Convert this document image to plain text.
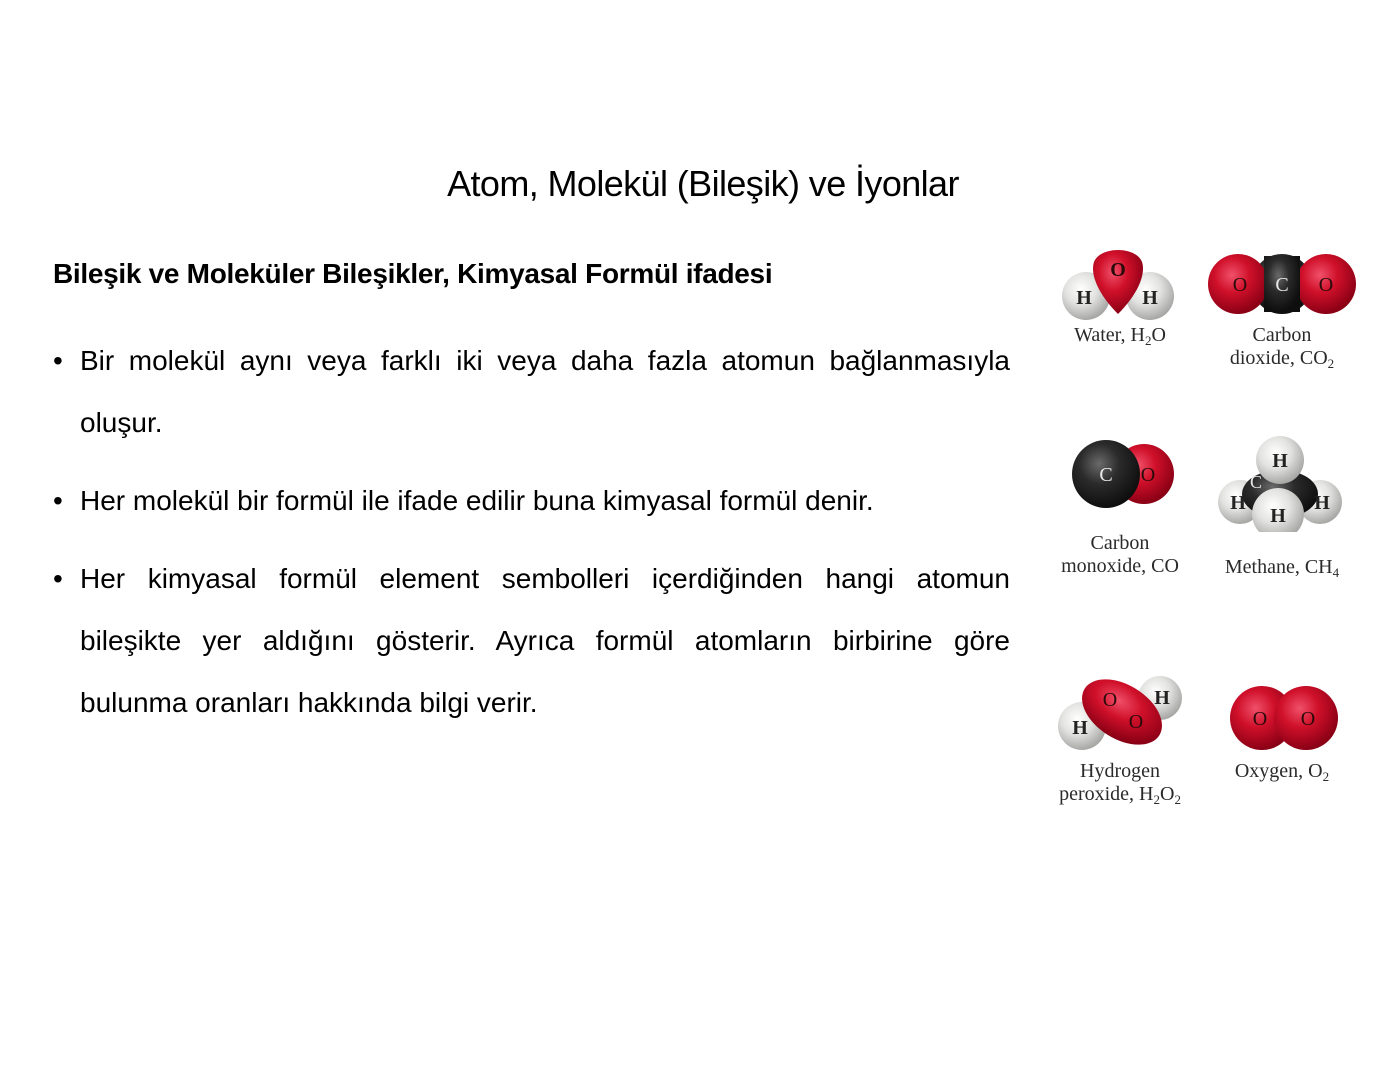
Atom, Molekül (Bileşik) ve İyonlar
Bileşik ve Moleküler Bileşikler, Kimyasal Formül ifadesi
• Bir molekül aynı veya farklı iki veya daha fazla atomun bağlanmasıyla oluşur.
• Her molekül bir formül ile ifade edilir buna kimyasal formül denir.
• Her kimyasal formül element sembolleri içerdiğinden hangi atomun bileşikte yer aldığını gösterir. Ayrıca formül atomların birbirine göre bulunma oranları hakkında bilgi verir.
O
H	H
Water, $H_2O$
O C O
Carbon
dioxide, $CO_2$
C O
Carbon
monoxide, CO
H
C
H
H
H
Methane, $CH_4$
O
O
H
H
Hydrogen
peroxide, $H_2O_2$
O O
Oxygen, $O_2$
